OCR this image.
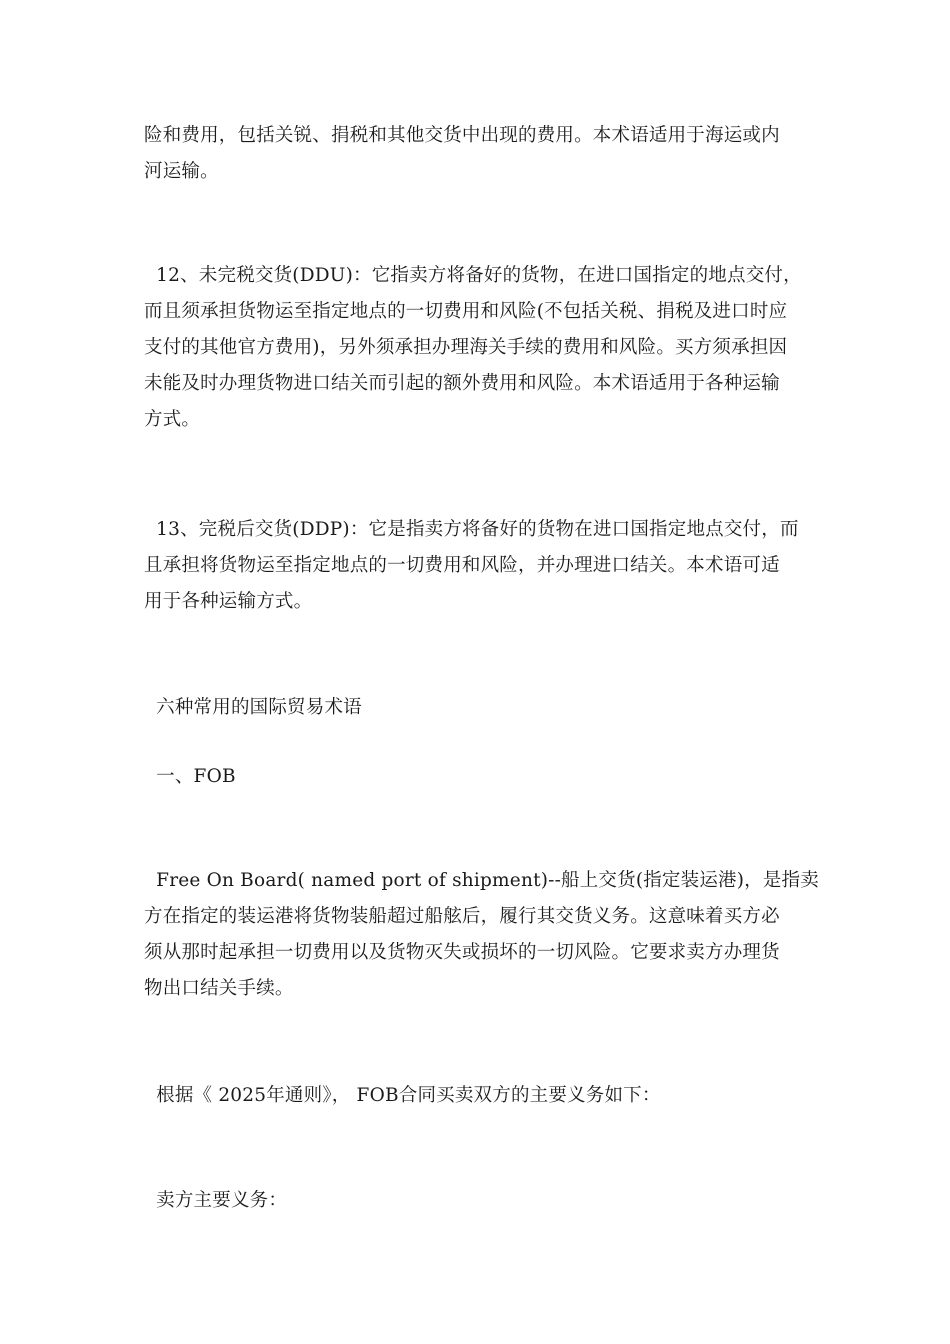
险和费用，包括关锐、捐税和其他交货中出现的费用。本术语适用于海运或内
河运输。
12、未完税交货(DDU)：它指卖方将备好的货物，在进口国指定的地点交付，
而且须承担货物运至指定地点的一切费用和风险(不包括关税、捐税及进口时应
支付的其他官方费用)，另外须承担办理海关手续的费用和风险。买方须承担因
未能及时办理货物进口结关而引起的额外费用和风险。本术语适用于各种运输
方式。
13、完税后交货(DDP)：它是指卖方将备好的货物在进口国指定地点交付，而
且承担将货物运至指定地点的一切费用和风险，并办理进口结关。本术语可适
用于各种运输方式。
六种常用的国际贸易术语
一、FOB
Free On Board( named port of shipment)--船上交货(指定装运港)，是指卖
方在指定的装运港将货物装船超过船舷后，履行其交货义务。这意味着买方必
须从那时起承担一切费用以及货物灭失或损坏的一切风险。它要求卖方办理货
物出口结关手续。
根据《 2025年通则》， FOB合同买卖双方的主要义务如下：
卖方主要义务：
